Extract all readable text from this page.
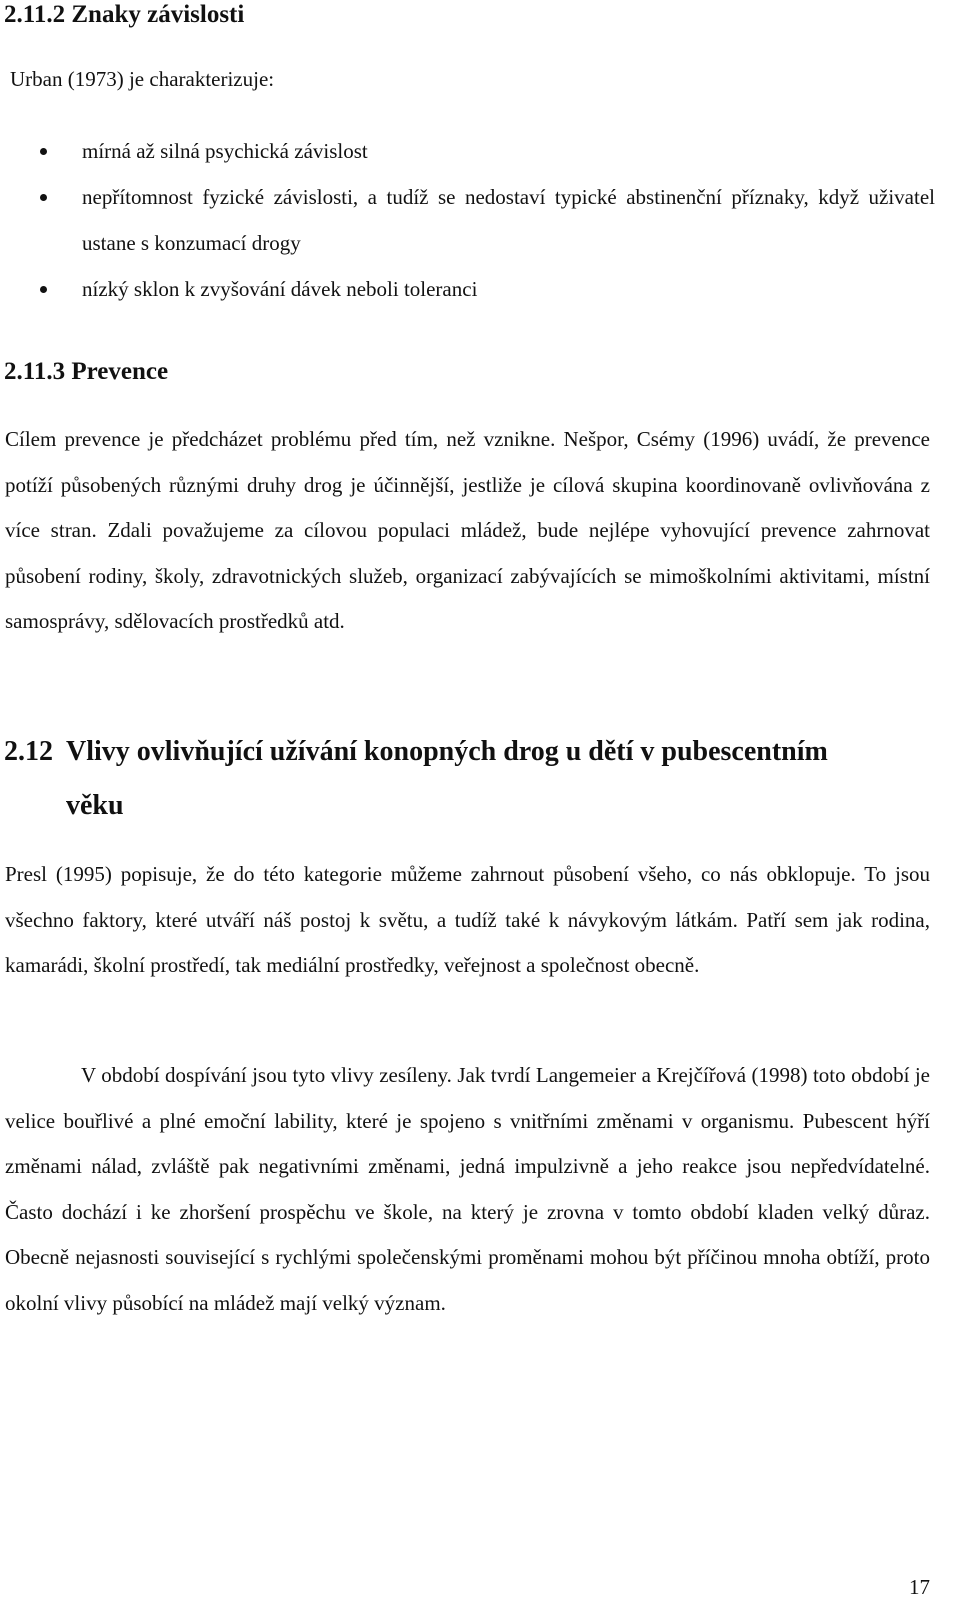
2.11.2 Znaky závislosti

Urban (1973) je charakterizuje:

mírná až silná psychická závislost
nepřítomnost fyzické závislosti, a tudíž se nedostaví typické abstinenční příznaky, když uživatel ustane s konzumací drogy
nízký sklon k zvyšování dávek neboli toleranci
2.11.3 Prevence

Cílem prevence je předcházet problému před tím, než vznikne. Nešpor, Csémy (1996) uvádí, že prevence potíží působených různými druhy drog je účinnější, jestliže je cílová skupina koordinovaně ovlivňována z více stran. Zdali považujeme za cílovou populaci mládež, bude nejlépe vyhovující prevence zahrnovat působení rodiny, školy, zdravotnických služeb, organizací zabývajících se mimoškolními aktivitami, místní samosprávy, sdělovacích prostředků atd.

2.12 Vlivy ovlivňující užívání konopných drog u dětí v pubescentním
věku

Presl (1995) popisuje, že do této kategorie můžeme zahrnout působení všeho, co nás obklopuje. To jsou všechno faktory, které utváří náš postoj k světu, a tudíž také k návykovým látkám. Patří sem jak rodina, kamarádi, školní prostředí, tak mediální prostředky, veřejnost a společnost obecně.

V období dospívání jsou tyto vlivy zesíleny. Jak tvrdí Langemeier a Krejčířová (1998) toto období je velice bouřlivé a plné emoční lability, které je spojeno s vnitřními změnami v organismu. Pubescent hýří změnami nálad, zvláště pak negativními změnami, jedná impulzivně a jeho reakce jsou nepředvídatelné. Často dochází i ke zhoršení prospěchu ve škole, na který je zrovna v tomto období kladen velký důraz. Obecně nejasnosti související s rychlými společenskými proměnami mohou být příčinou mnoha obtíží, proto okolní vlivy působící na mládež mají velký význam.

17
